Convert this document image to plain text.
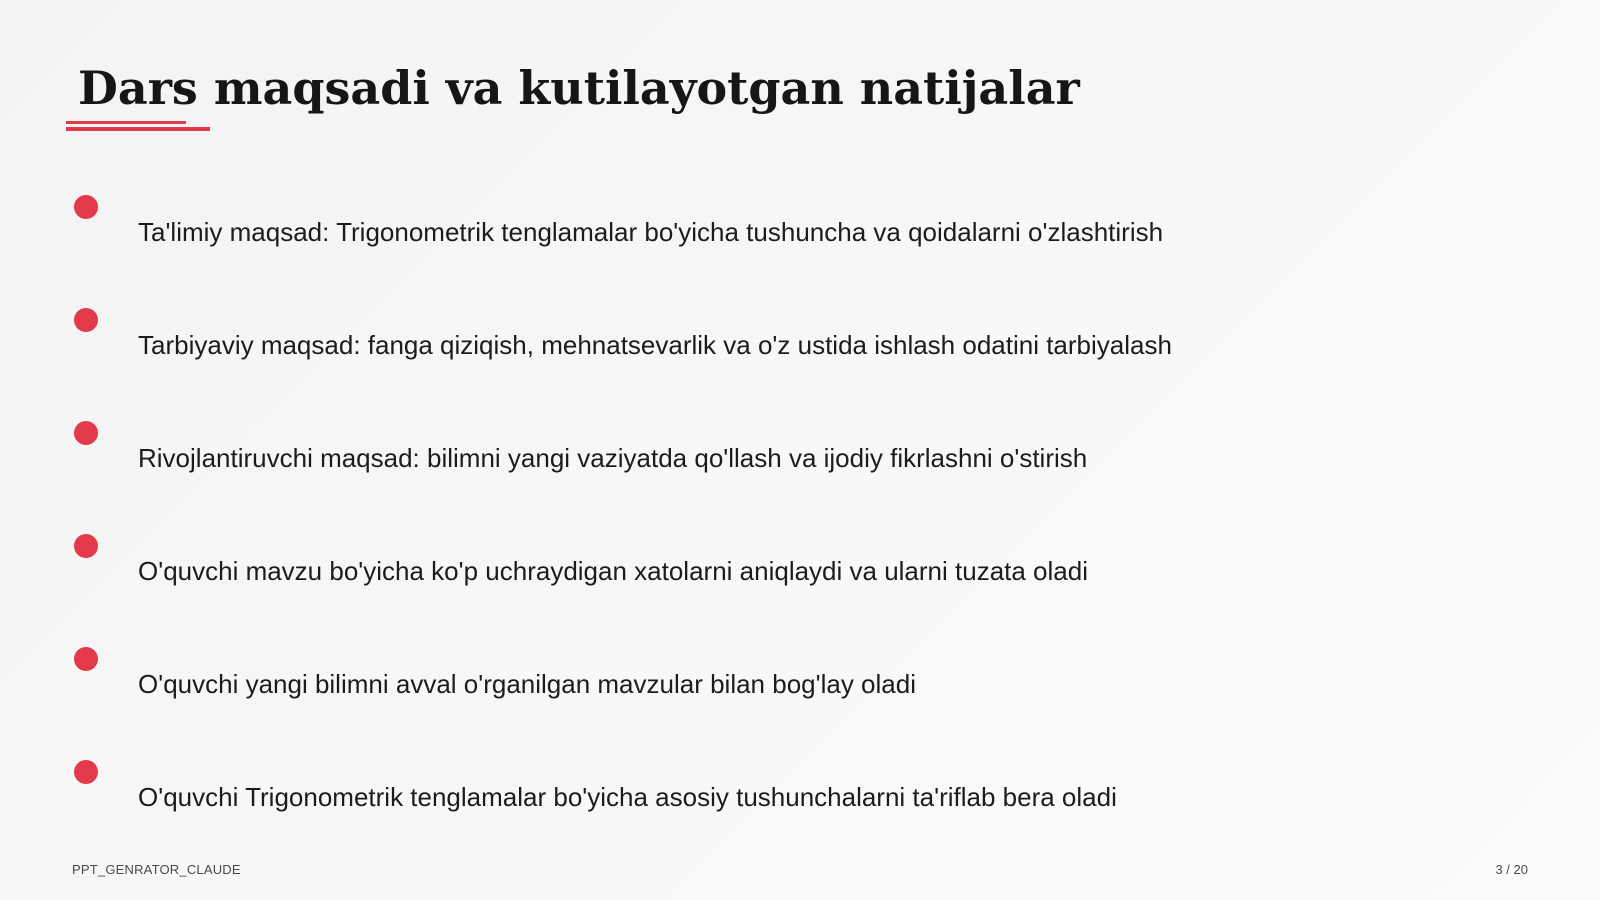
Dars maqsadi va kutilayotgan natijalar
Ta'limiy maqsad: Trigonometrik tenglamalar bo'yicha tushuncha va qoidalarni o'zlashtirish
Tarbiyaviy maqsad: fanga qiziqish, mehnatsevarlik va o'z ustida ishlash odatini tarbiyalash
Rivojlantiruvchi maqsad: bilimni yangi vaziyatda qo'llash va ijodiy fikrlashni o'stirish
O'quvchi mavzu bo'yicha ko'p uchraydigan xatolarni aniqlaydi va ularni tuzata oladi
O'quvchi yangi bilimni avval o'rganilgan mavzular bilan bog'lay oladi
O'quvchi Trigonometrik tenglamalar bo'yicha asosiy tushunchalarni ta'riflab bera oladi
PPT_GENRATOR_CLAUDE	3 / 20
